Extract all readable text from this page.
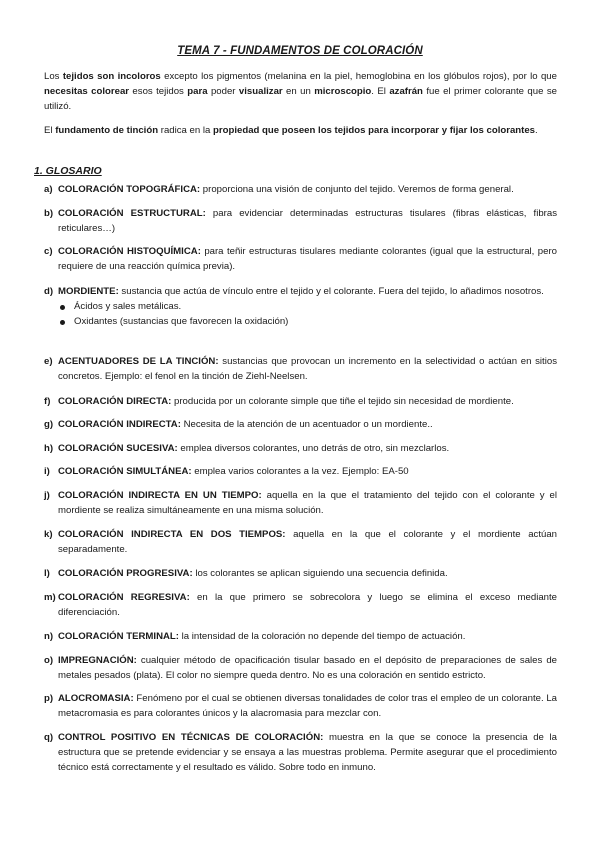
TEMA 7 - FUNDAMENTOS DE COLORACIÓN
Los tejidos son incoloros excepto los pigmentos (melanina en la piel, hemoglobina en los glóbulos rojos), por lo que necesitas colorear esos tejidos para poder visualizar en un microscopio. El azafrán fue el primer colorante que se utilizó.
El fundamento de tinción radica en la propiedad que poseen los tejidos para incorporar y fijar los colorantes.
1. GLOSARIO
a) COLORACIÓN TOPOGRÁFICA: proporciona una visión de conjunto del tejido. Veremos de forma general.
b) COLORACIÓN ESTRUCTURAL: para evidenciar determinadas estructuras tisulares (fibras elásticas, fibras reticulares…)
c) COLORACIÓN HISTOQUÍMICA: para teñir estructuras tisulares mediante colorantes (igual que la estructural, pero requiere de una reacción química previa).
d) MORDIENTE: sustancia que actúa de vínculo entre el tejido y el colorante. Fuera del tejido, lo añadimos nosotros.
Ácidos y sales metálicas.
Oxidantes (sustancias que favorecen la oxidación)
e) ACENTUADORES DE LA TINCIÓN: sustancias que provocan un incremento en la selectividad o actúan en sitios concretos. Ejemplo: el fenol en la tinción de Ziehl-Neelsen.
f) COLORACIÓN DIRECTA: producida por un colorante simple que tiñe el tejido sin necesidad de mordiente.
g) COLORACIÓN INDIRECTA: Necesita de la atención de un acentuador o un mordiente..
h) COLORACIÓN SUCESIVA: emplea diversos colorantes, uno detrás de otro, sin mezclarlos.
i) COLORACIÓN SIMULTÁNEA: emplea varios colorantes a la vez. Ejemplo: EA-50
j) COLORACIÓN INDIRECTA EN UN TIEMPO: aquella en la que el tratamiento del tejido con el colorante y el mordiente se realiza simultáneamente en una misma solución.
k) COLORACIÓN INDIRECTA EN DOS TIEMPOS: aquella en la que el colorante y el mordiente actúan separadamente.
l) COLORACIÓN PROGRESIVA: los colorantes se aplican siguiendo una secuencia definida.
m) COLORACIÓN REGRESIVA: en la que primero se sobrecolora y luego se elimina el exceso mediante diferenciación.
n) COLORACIÓN TERMINAL: la intensidad de la coloración no depende del tiempo de actuación.
o) IMPREGNACIÓN: cualquier método de opacificación tisular basado en el depósito de preparaciones de sales de metales pesados (plata). El color no siempre queda dentro. No es una coloración en sentido estricto.
p) ALOCROMASIA: Fenómeno por el cual se obtienen diversas tonalidades de color tras el empleo de un colorante. La metacromasia es para colorantes únicos y la alacromasia para mezclar con.
q) CONTROL POSITIVO EN TÉCNICAS DE COLORACIÓN: muestra en la que se conoce la presencia de la estructura que se pretende evidenciar y se ensaya a las muestras problema. Permite asegurar que el procedimiento técnico está correctamente y el resultado es válido. Sobre todo en inmuno.
